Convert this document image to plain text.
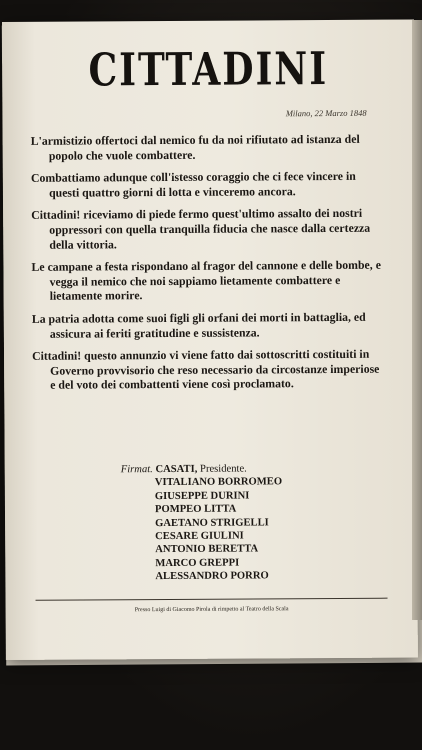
CITTADINI
Milano, 22 Marzo 1848

L'armistizio offertoci dal nemico fu da noi rifiutato ad istanza del popolo che vuole combattere.

Combattiamo adunque coll'istesso coraggio che ci fece vincere in questi quattro giorni di lotta e vinceremo ancora.

Cittadini! riceviamo di piede fermo quest'ultimo assalto dei nostri oppressori con quella tranquilla fiducia che nasce dalla certezza della vittoria.

Le campane a festa rispondano al fragor del cannone e delle bombe, e vegga il nemico che noi sappiamo lietamente combattere e lietamente morire.

La patria adotta come suoi figli gli orfani dei morti in battaglia, ed assicura ai feriti gratitudine e sussistenza.

Cittadini! questo annunzio vi viene fatto dai sottoscritti costituiti in Governo provvisorio che reso necessario da circostanze imperiose e del voto dei combattenti viene così proclamato.

Firmat. CASATI, Presidente.
VITALIANO BORROMEO
GIUSEPPE DURINI
POMPEO LITTA
GAETANO STRIGELLI
CESARE GIULINI
ANTONIO BERETTA
MARCO GREPPI
ALESSANDRO PORRO
Presso Luigi di Giacomo Pirola di rimpetto al Teatro della Scala
